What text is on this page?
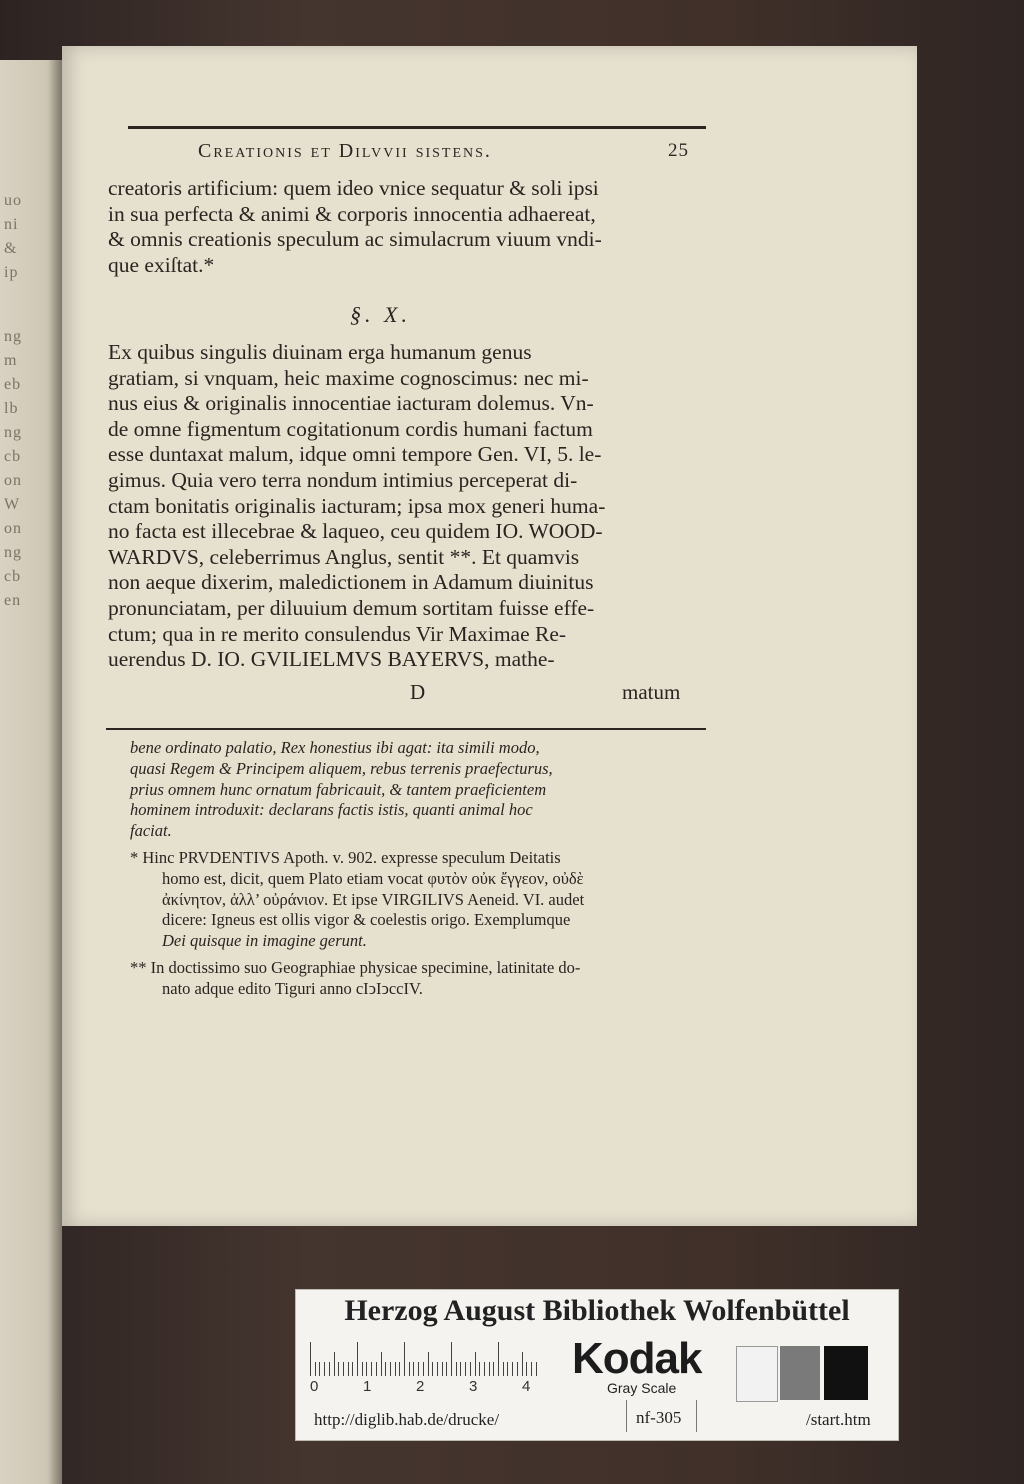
uo
ni
&
ip
ng
m
eb
lb
ng
cb
on
W
on
ng
cb
en
Creationis et Dilvvii sistens.	25
creatoris artificium: quem ideo vnice sequatur & soli ipsi
in sua perfecta & animi & corporis innocentia adhaereat,
& omnis creationis speculum ac simulacrum viuum vndi-
que exiſtat.*
§. X.
Ex quibus singulis diuinam erga humanum genus
gratiam, si vnquam, heic maxime cognoscimus: nec mi-
nus eius & originalis innocentiae iacturam dolemus. Vn-
de omne figmentum cogitationum cordis humani factum
esse duntaxat malum, idque omni tempore Gen. VI, 5. le-
gimus. Quia vero terra nondum intimius perceperat di-
ctam bonitatis originalis iacturam; ipsa mox generi huma-
no facta est illecebrae & laqueo, ceu quidem IO. WOOD-
WARDVS, celeberrimus Anglus, sentit **. Et quamvis
non aeque dixerim, maledictionem in Adamum diuinitus
pronunciatam, per diluuium demum sortitam fuisse effe-
ctum; qua in re merito consulendus Vir Maximae Re-
uerendus D. IO. GVILIELMVS BAYERVS, mathe-
D	matum
bene ordinato palatio, Rex honestius ibi agat: ita simili modo,
quasi Regem & Principem aliquem, rebus terrenis praefecturus,
prius omnem hunc ornatum fabricauit, & tantem praeficientem
hominem introduxit: declarans factis istis, quanti animal hoc
faciat.
* Hinc PRVDENTIVS Apoth. v. 902. expresse speculum Deitatis
homo est, dicit, quem Plato etiam vocat φυτὸν οὐκ ἔγγεον, οὐδὲ
ἀκίνητον, ἀλλ’ οὐράνιον. Et ipse VIRGILIVS Aeneid. VI. audet
dicere: Igneus est ollis vigor & coelestis origo. Exemplumque
Dei quisque in imagine gerunt.
** In doctissimo suo Geographiae physicae specimine, latinitate do-
nato adque edito Tiguri anno cIↄIↄccIV.
Herzog August Bibliothek Wolfenbüttel
0	1	2	3	4
Kodak
Gray Scale
http://diglib.hab.de/drucke/	nf-305	/start.htm
